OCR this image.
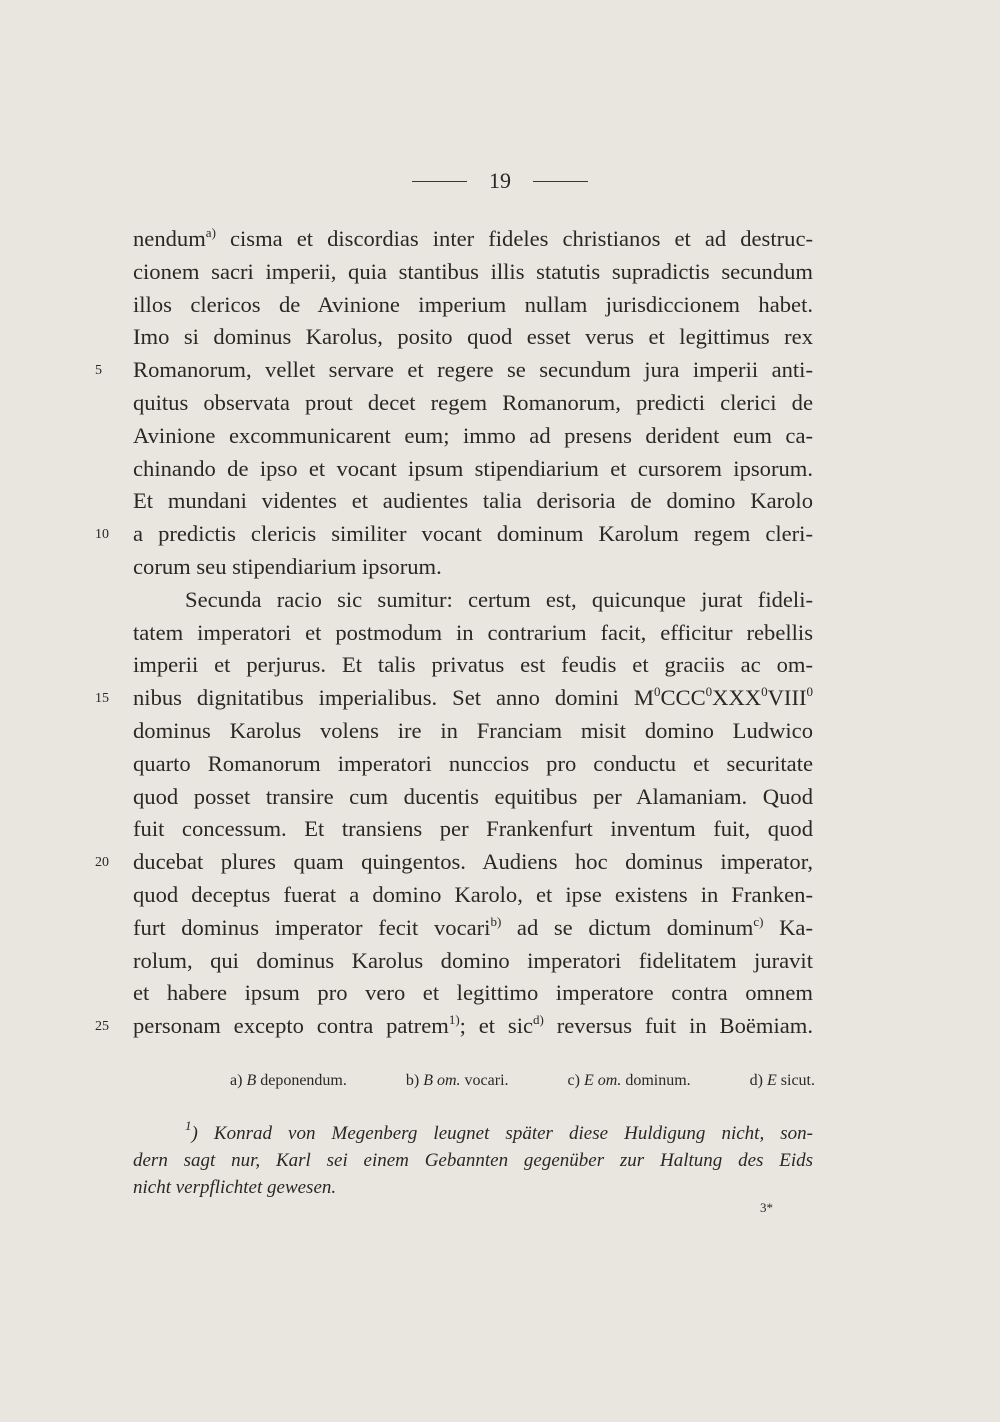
19
nendum$^{a)}$ cisma et discordias inter fideles christianos et ad destruc-
cionem sacri imperii, quia stantibus illis statutis supradictis secundum
illos clericos de Avinione imperium nullam jurisdiccionem habet.
Imo si dominus Karolus, posito quod esset verus et legittimus rex
5	Romanorum, vellet servare et regere se secundum jura imperii anti-
quitus observata prout decet regem Romanorum, predicti clerici de
Avinione excommunicarent eum; immo ad presens derident eum ca-
chinando de ipso et vocant ipsum stipendiarium et cursorem ipsorum.
Et mundani videntes et audientes talia derisoria de domino Karolo
10	a predictis clericis similiter vocant dominum Karolum regem cleri-
corum seu stipendiarium ipsorum.
Secunda racio sic sumitur: certum est, quicunque jurat fideli-
tatem imperatori et postmodum in contrarium facit, efficitur rebellis
imperii et perjurus. Et talis privatus est feudis et graciis ac om-
15	nibus dignitatibus imperialibus. Set anno domini $M^0CCC^0XXX^0VIII^0$
dominus Karolus volens ire in Franciam misit domino Ludwico
quarto Romanorum imperatori nunccios pro conductu et securitate
quod posset transire cum ducentis equitibus per Alamaniam. Quod
fuit concessum. Et transiens per Frankenfurt inventum fuit, quod
20	ducebat plures quam quingentos. Audiens hoc dominus imperator,
quod deceptus fuerat a domino Karolo, et ipse existens in Franken-
furt dominus imperator fecit vocari$^{b)}$ ad se dictum dominum$^{c)}$ Ka-
rolum, qui dominus Karolus domino imperatori fidelitatem juravit
et habere ipsum pro vero et legittimo imperatore contra omnem
25	personam excepto contra patrem$^{1)}$; et sic$^{d)}$ reversus fuit in Boëmiam.
a) B deponendum.	b) B om. vocari.	c) E om. dominum.	d) E sicut.
$^1$) Konrad von Megenberg leugnet später diese Huldigung nicht, son-
dern sagt nur, Karl sei einem Gebannten gegenüber zur Haltung des Eids
nicht verpflichtet gewesen.
3*
